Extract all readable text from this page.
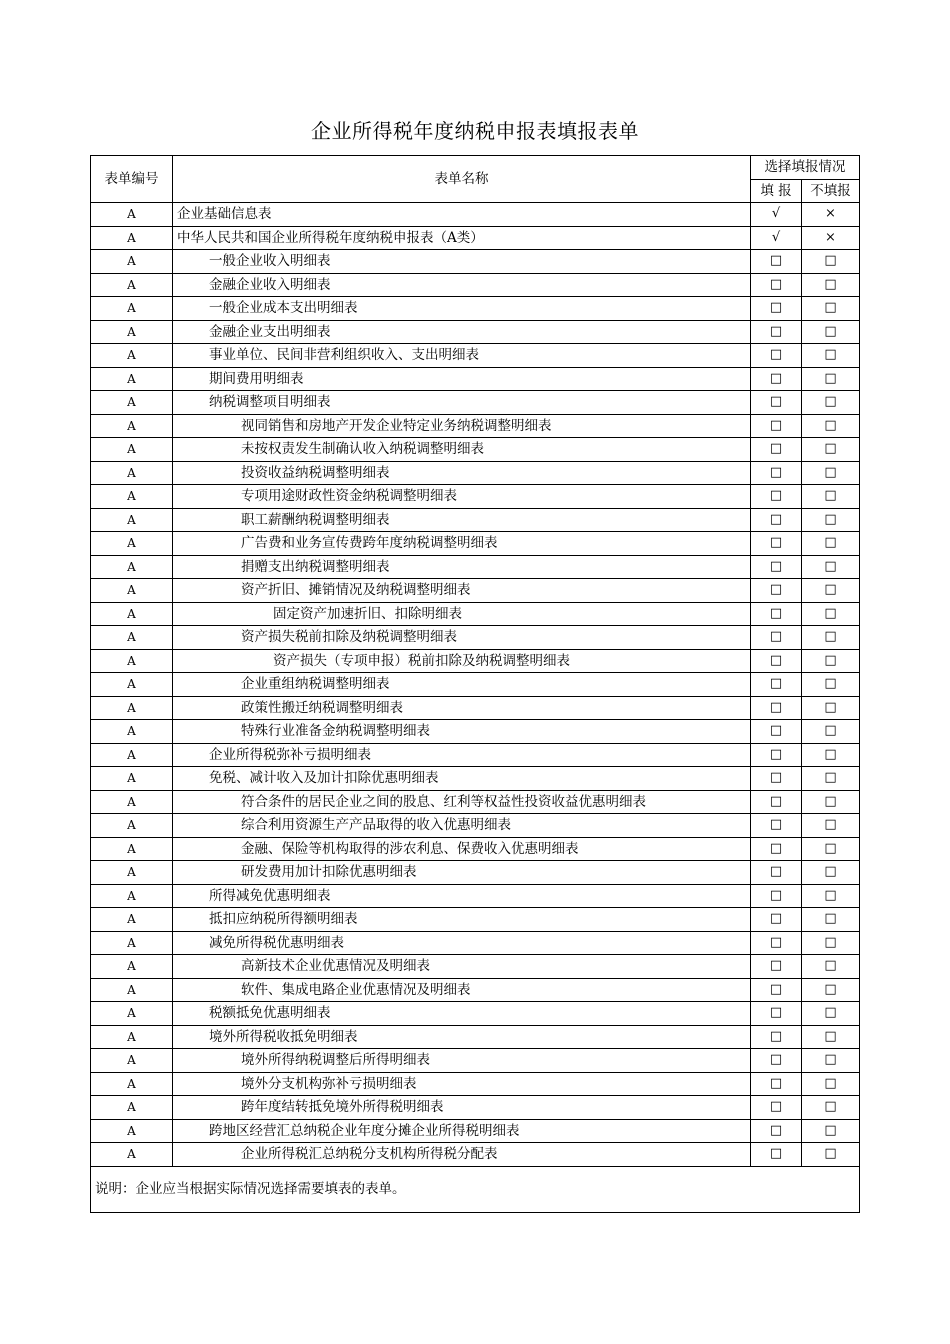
企业所得税年度纳税申报表填报表单
表单编号	表单名称	选择填报情况	
		填 报	不填报
A	企业基础信息表	√	×
A	中华人民共和国企业所得税年度纳税申报表（A类）	√	×
A	一般企业收入明细表	□	□
A	金融企业收入明细表	□	□
A	一般企业成本支出明细表	□	□
A	金融企业支出明细表	□	□
A	事业单位、民间非营利组织收入、支出明细表	□	□
A	期间费用明细表	□	□
A	纳税调整项目明细表	□	□
A	视同销售和房地产开发企业特定业务纳税调整明细表	□	□
A	未按权责发生制确认收入纳税调整明细表	□	□
A	投资收益纳税调整明细表	□	□
A	专项用途财政性资金纳税调整明细表	□	□
A	职工薪酬纳税调整明细表	□	□
A	广告费和业务宣传费跨年度纳税调整明细表	□	□
A	捐赠支出纳税调整明细表	□	□
A	资产折旧、摊销情况及纳税调整明细表	□	□
A	固定资产加速折旧、扣除明细表	□	□
A	资产损失税前扣除及纳税调整明细表	□	□
A	资产损失（专项申报）税前扣除及纳税调整明细表	□	□
A	企业重组纳税调整明细表	□	□
A	政策性搬迁纳税调整明细表	□	□
A	特殊行业准备金纳税调整明细表	□	□
A	企业所得税弥补亏损明细表	□	□
A	免税、减计收入及加计扣除优惠明细表	□	□
A	符合条件的居民企业之间的股息、红利等权益性投资收益优惠明细表	□	□
A	综合利用资源生产产品取得的收入优惠明细表	□	□
A	金融、保险等机构取得的涉农利息、保费收入优惠明细表	□	□
A	研发费用加计扣除优惠明细表	□	□
A	所得减免优惠明细表	□	□
A	抵扣应纳税所得额明细表	□	□
A	减免所得税优惠明细表	□	□
A	高新技术企业优惠情况及明细表	□	□
A	软件、集成电路企业优惠情况及明细表	□	□
A	税额抵免优惠明细表	□	□
A	境外所得税收抵免明细表	□	□
A	境外所得纳税调整后所得明细表	□	□
A	境外分支机构弥补亏损明细表	□	□
A	跨年度结转抵免境外所得税明细表	□	□
A	跨地区经营汇总纳税企业年度分摊企业所得税明细表	□	□
A	企业所得税汇总纳税分支机构所得税分配表	□	□
说明：企业应当根据实际情况选择需要填表的表单。			
